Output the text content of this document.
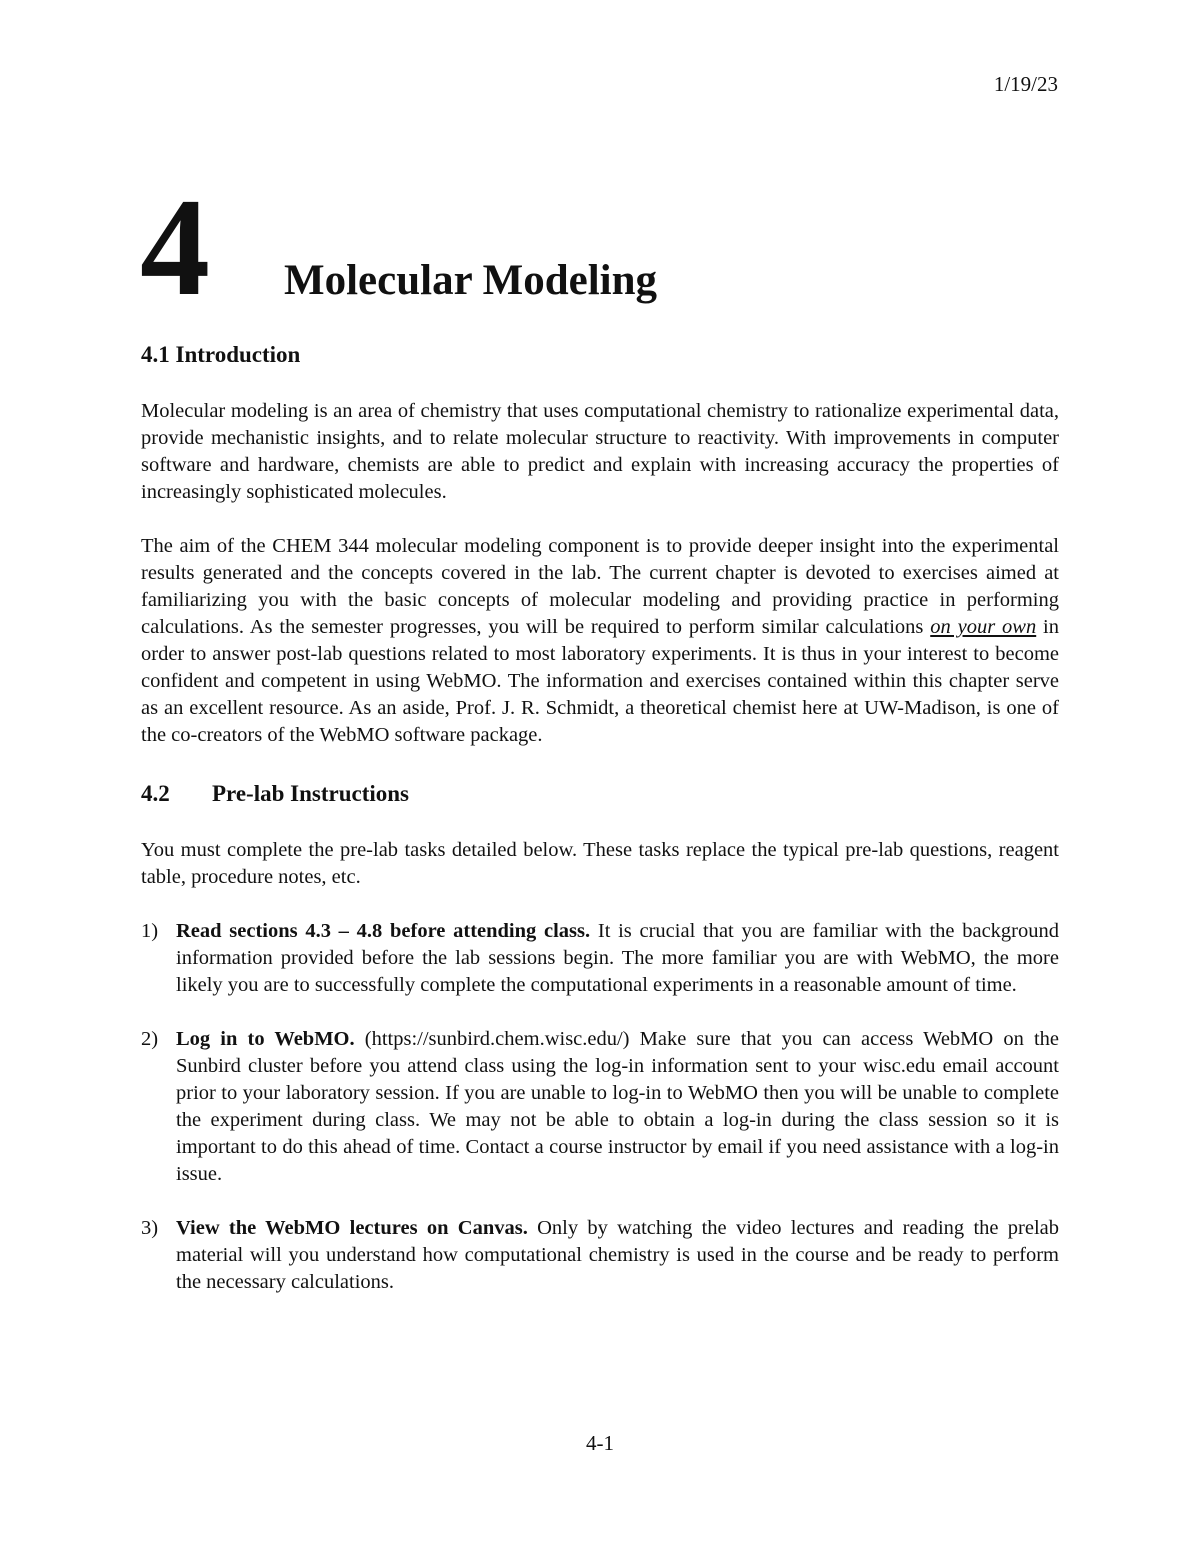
1/19/23
4 Molecular Modeling
4.1 Introduction

Molecular modeling is an area of chemistry that uses computational chemistry to rationalize experimental data, provide mechanistic insights, and to relate molecular structure to reactivity. With improvements in computer software and hardware, chemists are able to predict and explain with increasing accuracy the properties of increasingly sophisticated molecules.

The aim of the CHEM 344 molecular modeling component is to provide deeper insight into the experimental results generated and the concepts covered in the lab. The current chapter is devoted to exercises aimed at familiarizing you with the basic concepts of molecular modeling and providing practice in performing calculations. As the semester progresses, you will be required to perform similar calculations on your own in order to answer post-lab questions related to most laboratory experiments. It is thus in your interest to become confident and competent in using WebMO. The information and exercises contained within this chapter serve as an excellent resource. As an aside, Prof. J. R. Schmidt, a theoretical chemist here at UW-Madison, is one of the co-creators of the WebMO software package.

4.2 Pre-lab Instructions

You must complete the pre-lab tasks detailed below. These tasks replace the typical pre-lab questions, reagent table, procedure notes, etc.

1) Read sections 4.3 – 4.8 before attending class. It is crucial that you are familiar with the background information provided before the lab sessions begin. The more familiar you are with WebMO, the more likely you are to successfully complete the computational experiments in a reasonable amount of time.
2) Log in to WebMO. (https://sunbird.chem.wisc.edu/) Make sure that you can access WebMO on the Sunbird cluster before you attend class using the log-in information sent to your wisc.edu email account prior to your laboratory session. If you are unable to log-in to WebMO then you will be unable to complete the experiment during class. We may not be able to obtain a log-in during the class session so it is important to do this ahead of time. Contact a course instructor by email if you need assistance with a log-in issue.
3) View the WebMO lectures on Canvas. Only by watching the video lectures and reading the prelab material will you understand how computational chemistry is used in the course and be ready to perform the necessary calculations.
4-1
